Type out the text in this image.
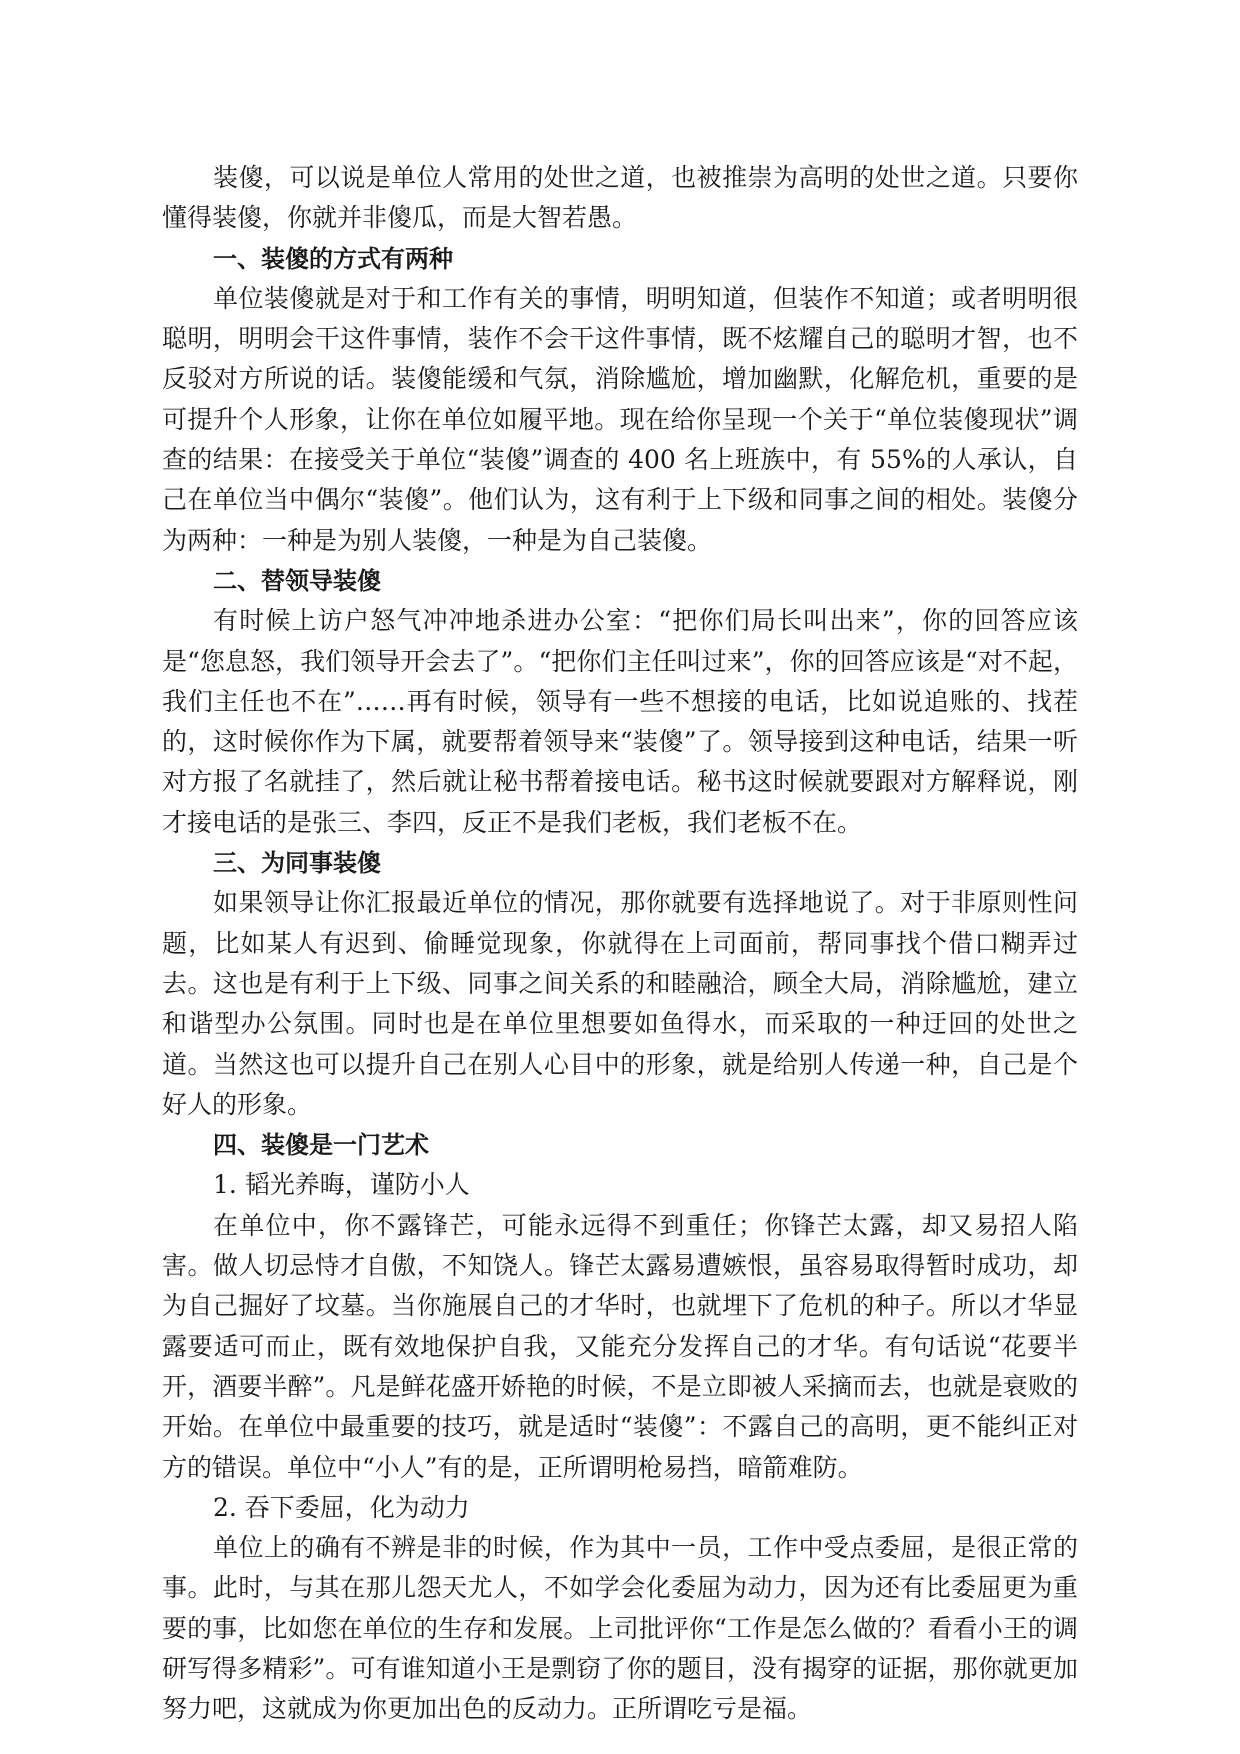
装傻，可以说是单位人常用的处世之道，也被推崇为高明的处世之道。只要你懂得装傻，你就并非傻瓜，而是大智若愚。

一、装傻的方式有两种

单位装傻就是对于和工作有关的事情，明明知道，但装作不知道；或者明明很聪明，明明会干这件事情，装作不会干这件事情，既不炫耀自己的聪明才智，也不反驳对方所说的话。装傻能缓和气氛，消除尴尬，增加幽默，化解危机，重要的是可提升个人形象，让你在单位如履平地。现在给你呈现一个关于“单位装傻现状”调查的结果：在接受关于单位“装傻”调查的 400 名上班族中，有 55%的人承认，自己在单位当中偶尔“装傻”。他们认为，这有利于上下级和同事之间的相处。装傻分为两种：一种是为别人装傻，一种是为自己装傻。

二、替领导装傻

有时候上访户怒气冲冲地杀进办公室：“把你们局长叫出来”，你的回答应该是“您息怒，我们领导开会去了”。“把你们主任叫过来”，你的回答应该是“对不起，我们主任也不在”……再有时候，领导有一些不想接的电话，比如说追账的、找茬的，这时候你作为下属，就要帮着领导来“装傻”了。领导接到这种电话，结果一听对方报了名就挂了，然后就让秘书帮着接电话。秘书这时候就要跟对方解释说，刚才接电话的是张三、李四，反正不是我们老板，我们老板不在。

三、为同事装傻

如果领导让你汇报最近单位的情况，那你就要有选择地说了。对于非原则性问题，比如某人有迟到、偷睡觉现象，你就得在上司面前，帮同事找个借口糊弄过去。这也是有利于上下级、同事之间关系的和睦融洽，顾全大局，消除尴尬，建立和谐型办公氛围。同时也是在单位里想要如鱼得水，而采取的一种迂回的处世之道。当然这也可以提升自己在别人心目中的形象，就是给别人传递一种，自己是个好人的形象。

四、装傻是一门艺术

1. 韬光养晦，谨防小人

在单位中，你不露锋芒，可能永远得不到重任；你锋芒太露，却又易招人陷害。做人切忌恃才自傲，不知饶人。锋芒太露易遭嫉恨，虽容易取得暂时成功，却为自己掘好了坟墓。当你施展自己的才华时，也就埋下了危机的种子。所以才华显露要适可而止，既有效地保护自我，又能充分发挥自己的才华。有句话说“花要半开，酒要半醉”。凡是鲜花盛开娇艳的时候，不是立即被人采摘而去，也就是衰败的开始。在单位中最重要的技巧，就是适时“装傻”：不露自己的高明，更不能纠正对方的错误。单位中“小人”有的是，正所谓明枪易挡，暗箭难防。

2. 吞下委屈，化为动力

单位上的确有不辨是非的时候，作为其中一员，工作中受点委屈，是很正常的事。此时，与其在那儿怨天尤人，不如学会化委屈为动力，因为还有比委屈更为重要的事，比如您在单位的生存和发展。上司批评你“工作是怎么做的？看看小王的调研写得多精彩”。可有谁知道小王是剽窃了你的题目，没有揭穿的证据，那你就更加努力吧，这就成为你更加出色的反动力。正所谓吃亏是福。
